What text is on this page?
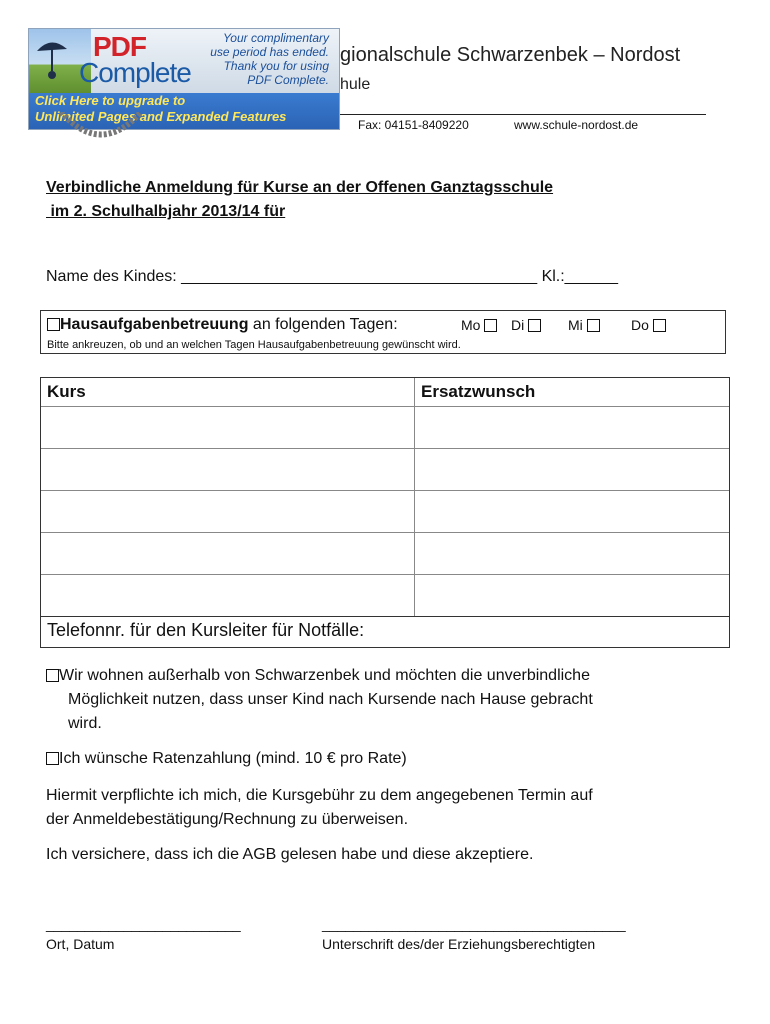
PDF
Complete
Your complimentary
use period has ended.
Thank you for using
PDF Complete.
Click Here to upgrade to
Unlimited Pages and Expanded Features
gionalschule Schwarzenbek – Nordost
hule
Fax: 04151-8409220	www.schule-nordost.de
Verbindliche Anmeldung für Kurse an der Offenen Ganztagsschule
im 2. Schulhalbjahr 2013/14 für
Name des Kindes: ________________________________________ Kl.:______
Hausaufgabenbetreuung an folgenden Tagen:	Mo	Di	Mi	Do
Bitte ankreuzen, ob und an welchen Tagen Hausaufgabenbetreuung gewünscht wird.
Kurs	Ersatzwunsch
Telefonnr. für den Kursleiter für Notfälle:
Wir wohnen außerhalb von Schwarzenbek und möchten die unverbindliche
Möglichkeit nutzen, dass unser Kind nach Kursende nach Hause gebracht
wird.
Ich wünsche Ratenzahlung (mind. 10 € pro Rate)
Hiermit verpflichte ich mich, die Kursgebühr zu dem angegebenen Termin auf
der Anmeldebestätigung/Rechnung zu überweisen.
Ich versichere, dass ich die AGB gelesen habe und diese akzeptiere.
_________________________	_______________________________________
Ort, Datum	Unterschrift des/der Erziehungsberechtigten
